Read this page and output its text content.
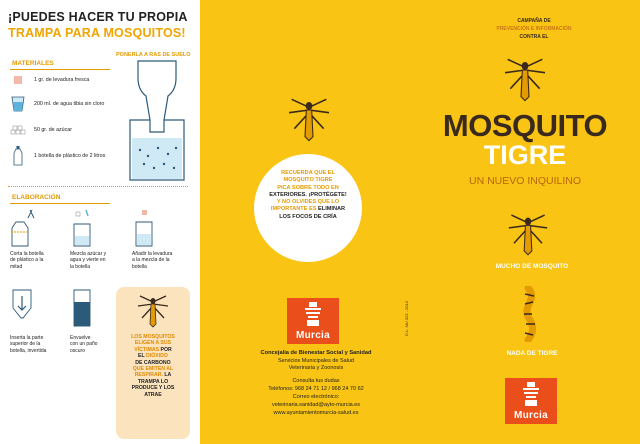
¡PUEDES HACER TU PROPIA
TRAMPA PARA MOSQUITOS!
PONERLA A RAS DE SUELO
MATERIALES
1 gr. de levadura fresca
200 ml. de agua tibia sin cloro
50 gr. de azúcar
1 botella de plástico de 2 litros
ELABORACIÓN
Corta la botella
de plástico a la
mitad
Mezcla azúcar y
agua y vierte en
la botella
Añadir la levadura
a la mezcla de la
botella
Inserta la parte
superior de la
botella, invertida
Envuelve
con un paño
oscuro
LOS MOSQUITOS
ELIGEN A SUS
VÍCTIMAS POR
EL DIÓXIDO
DE CARBONO
QUE EMITEN AL
RESPIRAR. LA
TRAMPA LO
PRODUCE Y LOS
ATRAE
RECUERDA QUE EL
MOSQUITO TIGRE
PICA SOBRE TODO EN
EXTERIORES. ¡PROTÉGETE!
Y NO OLVIDES QUE LO
IMPORTANTE ES ELIMINAR
LOS FOCOS DE CRÍA
Murcia
Concejalía de Bienestar Social y Sanidad
Servicios Municipales de Salud
Veterinaria y Zoonosis
Consulta tus dudas
Teléfonos: 968 24 71 12 / 968 24 70 62
Correo electrónico:
veterinaria.sanidad@ayto-murcia.es
www.ayuntamientomurcia-salud.es
D.L: MU 323 - 2014
CAMPAÑA DE
PREVENCIÓN E INFORMACIÓN
CONTRA EL
MOSQUITO
TIGRE
UN NUEVO INQUILINO
MUCHO DE MOSQUITO
NADA DE TIGRE
Murcia
